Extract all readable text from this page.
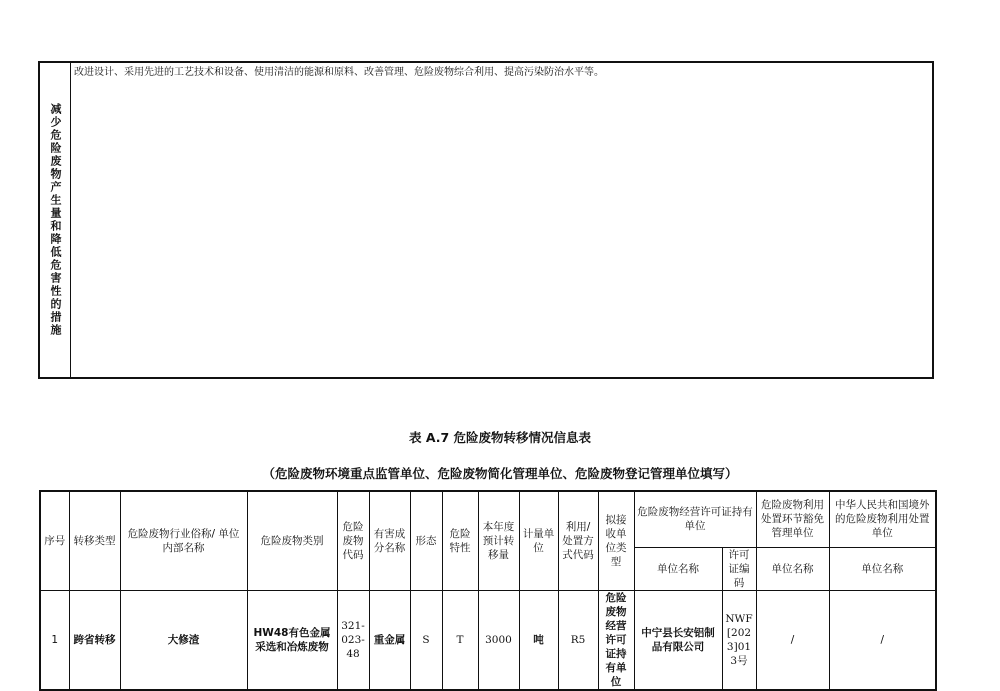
减少危险废物产生量和降低危害性的措施
改进设计、采用先进的工艺技术和设备、使用清洁的能源和原料、改善管理、危险废物综合利用、提高污染防治水平等。
表 A.7 危险废物转移情况信息表
（危险废物环境重点监管单位、危险废物简化管理单位、危险废物登记管理单位填写）
序号	转移类型	危险废物行业俗称/ 单位内部名称	危险废物类别	危险废物代码	有害成分名称	形态	危险特性	本年度预计转移量	计量单位	利用/处置方式代码	拟接收单位类型	危险废物经营许可证持有单位		危险废物利用处置环节豁免管理单位	中华人民共和国境外的危险废物利用处置单位
												单位名称	许可证编码	单位名称	单位名称
1	跨省转移	大修渣	HW48有色金属采选和冶炼废物	321-023-48	重金属	S	T	3000	吨	R5	危险废物经营许可证持有单位	中宁县长安铝制品有限公司	NWF[2023]013号	/	/
